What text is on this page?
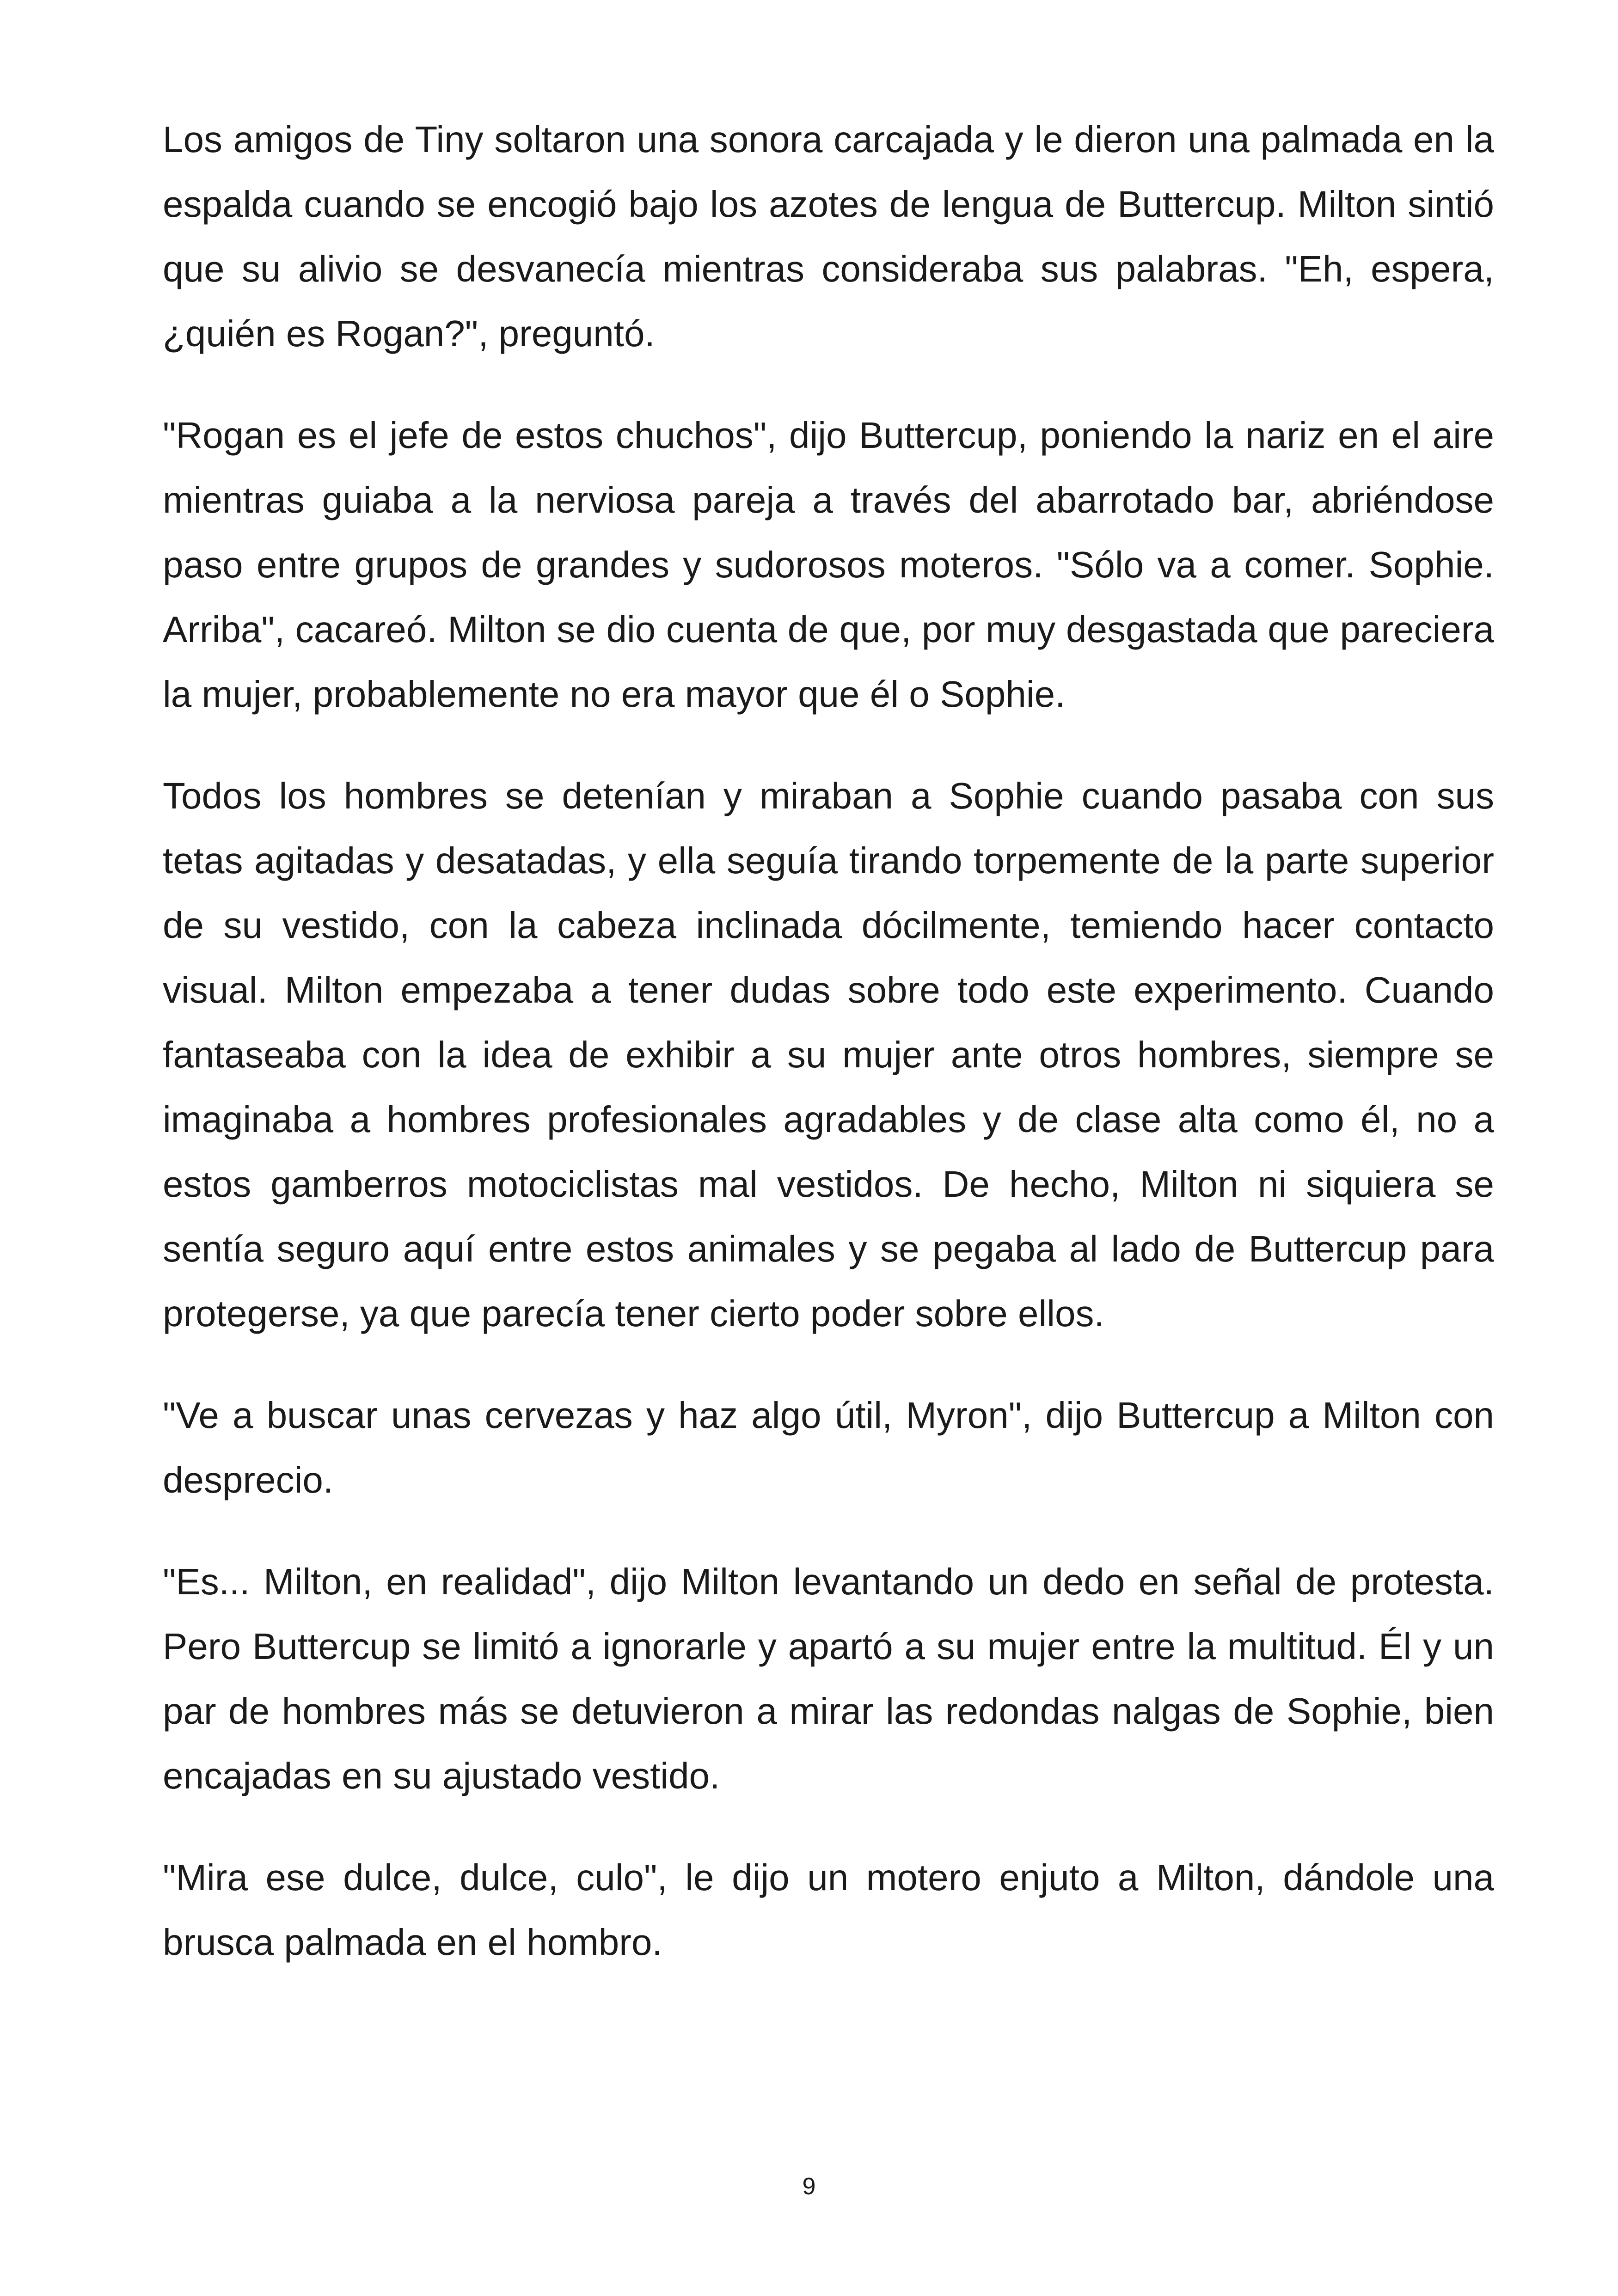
Los amigos de Tiny soltaron una sonora carcajada y le dieron una palmada en la espalda cuando se encogió bajo los azotes de lengua de Buttercup. Milton sintió que su alivio se desvanecía mientras consideraba sus palabras. "Eh, espera, ¿quién es Rogan?", preguntó.

"Rogan es el jefe de estos chuchos", dijo Buttercup, poniendo la nariz en el aire mientras guiaba a la nerviosa pareja a través del abarrotado bar, abriéndose paso entre grupos de grandes y sudorosos moteros. "Sólo va a comer. Sophie. Arriba", cacareó. Milton se dio cuenta de que, por muy desgastada que pareciera la mujer, probablemente no era mayor que él o Sophie.

Todos los hombres se detenían y miraban a Sophie cuando pasaba con sus tetas agitadas y desatadas, y ella seguía tirando torpemente de la parte superior de su vestido, con la cabeza inclinada dócilmente, temiendo hacer contacto visual. Milton empezaba a tener dudas sobre todo este experimento. Cuando fantaseaba con la idea de exhibir a su mujer ante otros hombres, siempre se imaginaba a hombres profesionales agradables y de clase alta como él, no a estos gamberros motociclistas mal vestidos. De hecho, Milton ni siquiera se sentía seguro aquí entre estos animales y se pegaba al lado de Buttercup para protegerse, ya que parecía tener cierto poder sobre ellos.

"Ve a buscar unas cervezas y haz algo útil, Myron", dijo Buttercup a Milton con desprecio.

"Es... Milton, en realidad", dijo Milton levantando un dedo en señal de protesta. Pero Buttercup se limitó a ignorarle y apartó a su mujer entre la multitud. Él y un par de hombres más se detuvieron a mirar las redondas nalgas de Sophie, bien encajadas en su ajustado vestido.

"Mira ese dulce, dulce, culo", le dijo un motero enjuto a Milton, dándole una brusca palmada en el hombro.

9
